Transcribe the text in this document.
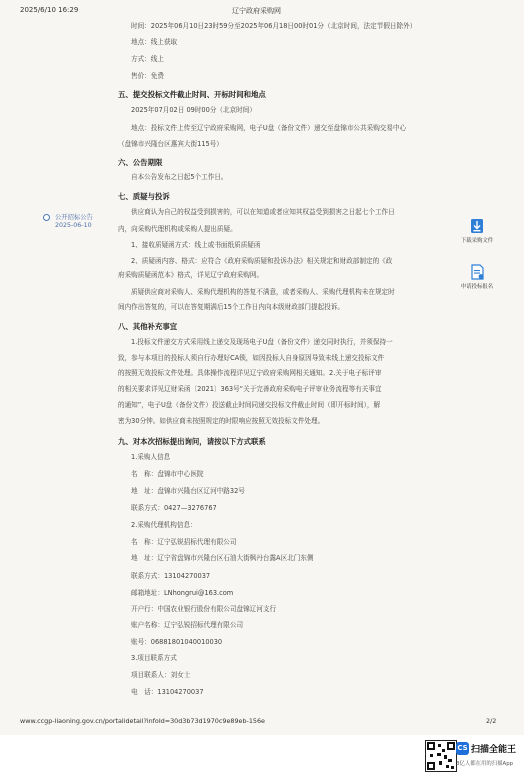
2025/6/10 16:29	辽宁政府采购网
时间：2025年06月10日23时59分至2025年06月18日00时01分（北京时间，法定节假日除外）
地点：线上获取
方式：线上
售价：免费
五、提交投标文件截止时间、开标时间和地点
2025年07月02日 09时00分（北京时间）
地点：投标文件上传至辽宁政府采购网，电子U盘（备份文件）递交至盘锦市公共采购交易中心
（盘锦市兴隆台区惠宾大街115号）
六、公告期限
自本公告发布之日起5个工作日。
七、质疑与投诉
供应商认为自己的权益受到损害的，可以在知道或者应知其权益受到损害之日起七个工作日
内，向采购代理机构或采购人提出质疑。
1、接收质疑函方式：线上或书面纸质质疑函
2、质疑函内容、格式：应符合《政府采购质疑和投诉办法》相关规定和财政部制定的《政
府采购质疑函范本》格式，详见辽宁政府采购网。
质疑供应商对采购人、采购代理机构的答复不满意，或者采购人、采购代理机构未在规定时
间内作出答复的，可以在答复期满后15个工作日内向本级财政部门提起投诉。
八、其他补充事宜
1.投标文件递交方式采用线上递交及现场电子U盘（备份文件）递交同时执行，并须保持一
致，参与本项目的投标人须自行办理好CA锁，如因投标人自身原因导致未线上递交投标文件
的按照无效投标文件处理。具体操作流程详见辽宁政府采购网相关通知。2.关于电子标评审
的相关要求详见辽财采函〔2021〕363号“关于完善政府采购电子评审业务流程等有关事宜
的通知”，电子U盘（备份文件）投送截止时间同递交投标文件截止时间（即开标时间），解
密为30分钟。如供应商未按照规定的时限响应按照无效投标文件处理。
九、对本次招标提出询问，请按以下方式联系
1.采购人信息
名　称：盘锦市中心医院
地　址：盘锦市兴隆台区辽河中路32号
联系方式：0427—3276767
2.采购代理机构信息：
名　称：辽宁弘锐招标代理有限公司
地　址：辽宁省盘锦市兴隆台区石油大街枫丹台露A区北门东侧
联系方式：13104270037
邮箱地址：LNhongrui@163.com
开户行：中国农业银行股份有限公司盘锦辽河支行
账户名称：辽宁弘锐招标代理有限公司
账号：06881801040010030
3.项目联系方式
项目联系人：刘女士
电　话：13104270037
公开招标公告
2025-06-10
下载采购文件
申请投标报名
www.ccgp-liaoning.gov.cn/portalidetail?infoId=30d3b73d1970c9e89eb-156e	2/2
CS 扫描全能王
3亿人都在用的扫描App
